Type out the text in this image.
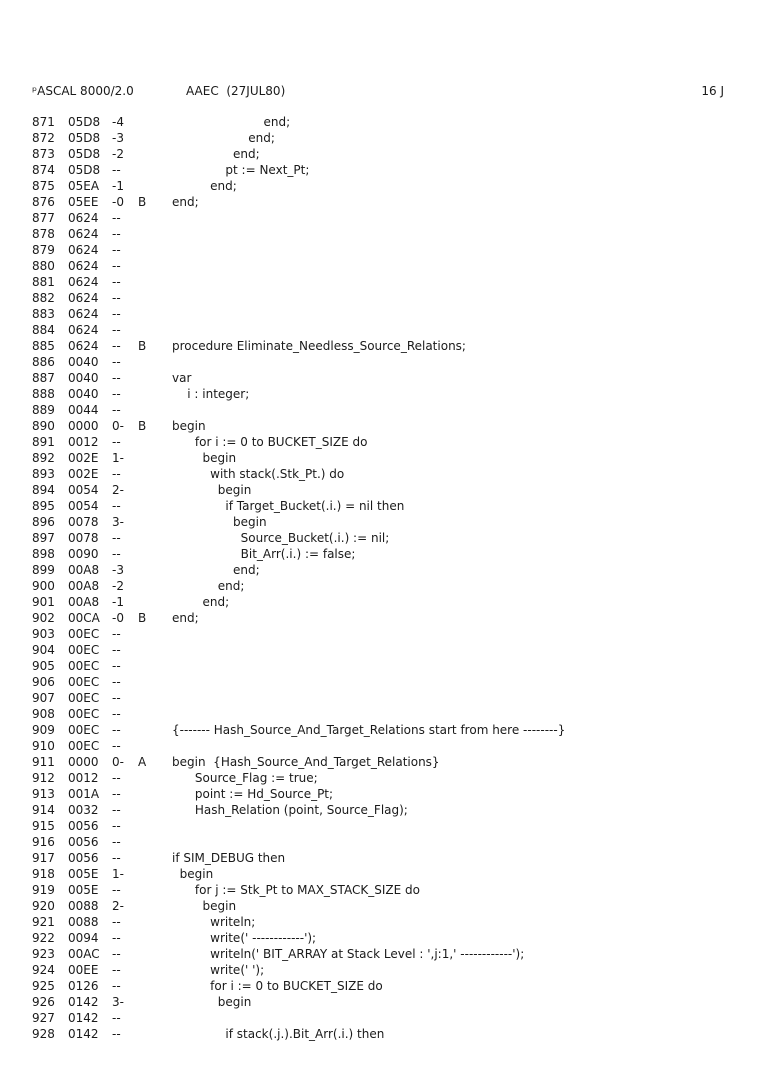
ᵖASCAL 8000/2.0	AAEC  (27JUL80)	16 J
871	05D8 -4	end;
872	05D8 -3	end;
873	05D8 -2	end;
874	05D8 --	pt := Next_Pt;
875	05EA	-1	end;
876	05EE	-0	B	end;
877	0624	--
878	0624	--
879	0624	--
880	0624	--
881	0624	--
882	0624	--
883	0624	--
884	0624	--
885	0624	--	B	procedure Eliminate_Needless_Source_Relations;
886	0040	--
887	0040	--	var
888	0040	--	i : integer;
889	0044	--
890	0000	0-	B	begin
891	0012	--	for i := 0 to BUCKET_SIZE do
892	002E	1-	begin
893	002E	--	with stack(.Stk_Pt.) do
894	0054	2-	begin
895	0054	--	if Target_Bucket(.i.) = nil then
896	0078	3-	begin
897	0078	--	Source_Bucket(.i.) := nil;
898	0090	--	Bit_Arr(.i.) := false;
899	00A8	-3	end;
900	00A8	-2	end;
901	00A8	-1	end;
902	00CA	-0	B	end;
903	00EC	--
904	00EC	--
905	00EC	--
906	00EC	--
907	00EC	--
908	00EC	--
909	00EC	--	{------- Hash_Source_And_Target_Relations start from here --------}
910	00EC	--
911	0000	0-	A	begin  {Hash_Source_And_Target_Relations}
912	0012	--	Source_Flag := true;
913	001A	--	point := Hd_Source_Pt;
914	0032	--	Hash_Relation (point, Source_Flag);
915	0056	--
916	0056	--
917	0056	--	if SIM_DEBUG then
918	005E	1-	begin
919	005E	--	for j := Stk_Pt to MAX_STACK_SIZE do
920	0088	2-	begin
921	0088	--	writeln;
922	0094	--	write(' ------------');
923	00AC	--	writeln(' BIT_ARRAY at Stack Level : ',j:1,' ------------');
924	00EE	--	write(' ');
925	0126	--	for i := 0 to BUCKET_SIZE do
926	0142	3-	begin
927	0142	--
928	0142	--	if stack(.j.).Bit_Arr(.i.) then
